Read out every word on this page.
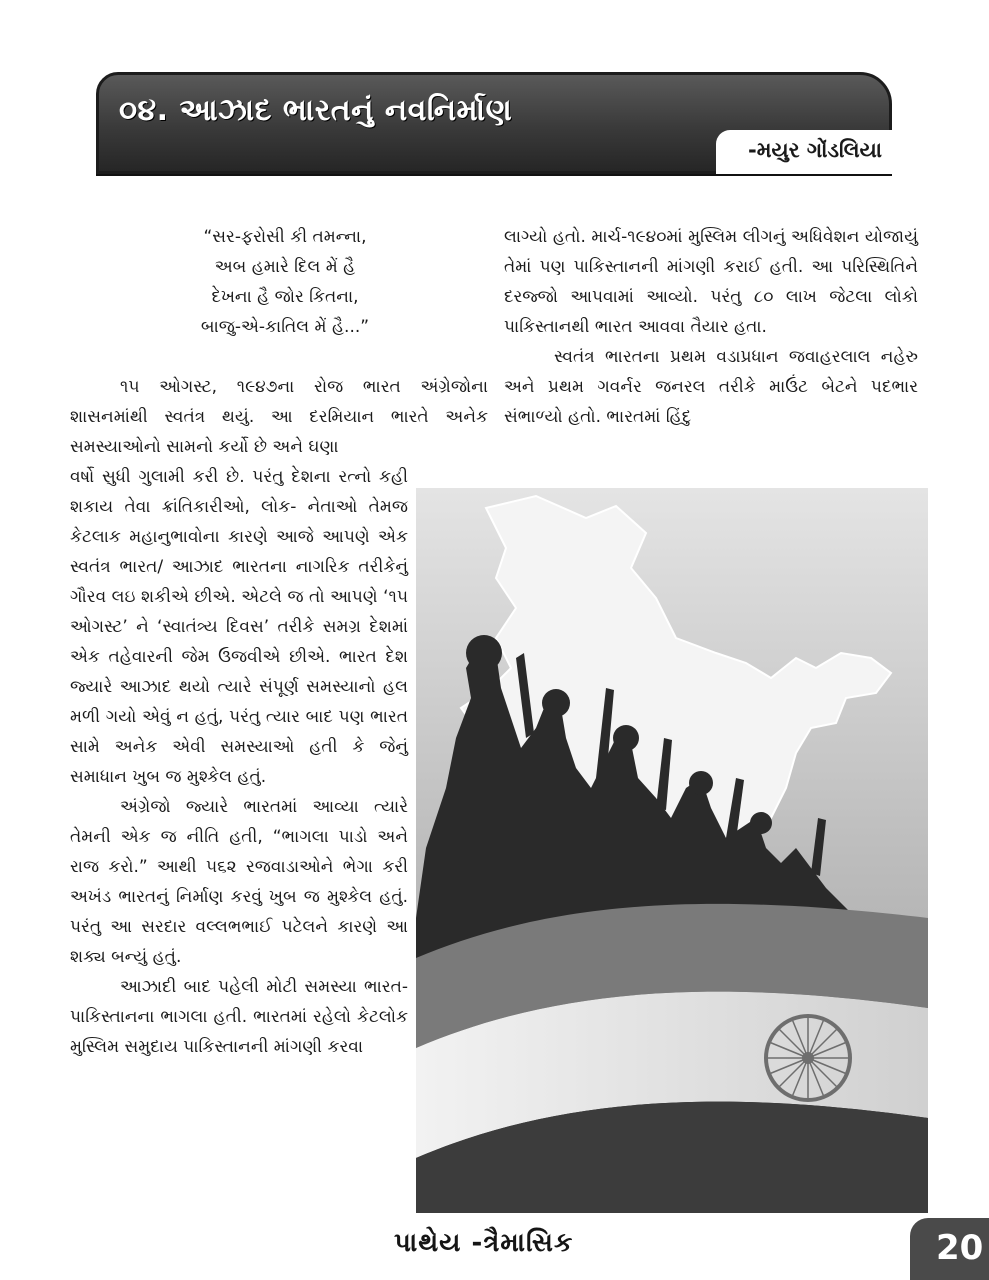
૦૪. આઝાદ ભારતનું નવનિર્માણ
-મયુર ગોંડલિયા
“સર-ફરોસી કી તમન્ના,
અબ હમારે દિલ મેં હૈ
દેખના હૈ જોર કિતના,
બાજુ-એ-કાતિલ મેં હૈ...”

૧૫ ઓગસ્ટ, ૧૯૪૭ના રોજ ભારત અંગ્રેજોના શાસનમાંથી સ્વતંત્ર થયું. આ દરમિયાન ભારતે અનેક સમસ્યાઓનો સામનો કર્યો છે અને ઘણા

વર્ષો સુધી ગુલામી કરી છે. પરંતુ દેશના રત્નો કહી શકાય તેવા ક્રાંતિકારીઓ, લોક- નેતાઓ તેમજ કેટલાક મહાનુભાવોના કારણે આજે આપણે એક સ્વતંત્ર ભારત/ આઝાદ ભારતના નાગરિક તરીકેનું ગૌરવ લઇ શકીએ છીએ. એટલે જ તો આપણે ‘૧૫ ઓગસ્ટ’ ને ‘સ્વાતંત્ર્ય દિવસ’ તરીકે સમગ્ર દેશમાં એક તહેવારની જેમ ઉજવીએ છીએ. ભારત દેશ જ્યારે આઝાદ થયો ત્યારે સંપૂર્ણ સમસ્યાનો હલ મળી ગયો એવું ન હતું, પરંતુ ત્યાર બાદ પણ ભારત સામે અનેક એવી સમસ્યાઓ હતી કે જેનું સમાધાન ખુબ જ મુશ્કેલ હતું.

અંગ્રેજો જ્યારે ભારતમાં આવ્યા ત્યારે તેમની એક જ નીતિ હતી, “ભાગલા પાડો અને રાજ કરો.” આથી ૫૬૨ રજવાડાઓને ભેગા કરી અખંડ ભારતનું નિર્માણ કરવું ખુબ જ મુશ્કેલ હતું. પરંતુ આ સરદાર વલ્લભભાઈ પટેલને કારણે આ શક્ય બન્યું હતું.

આઝાદી બાદ પહેલી મોટી સમસ્યા ભારત-પાકિસ્તાનના ભાગલા હતી. ભારતમાં રહેલો કેટલોક મુસ્લિમ સમુદાય પાકિસ્તાનની માંગણી કરવા

લાગ્યો હતો. માર્ચ-૧૯૪૦માં મુસ્લિમ લીગનું અધિવેશન યોજાયું તેમાં પણ પાકિસ્તાનની માંગણી કરાઈ હતી. આ પરિસ્થિતિને દરજ્જો આપવામાં આવ્યો. પરંતુ ૮૦ લાખ જેટલા લોકો પાકિસ્તાનથી ભારત આવવા તૈયાર હતા.

સ્વતંત્ર ભારતના પ્રથમ વડાપ્રધાન જવાહરલાલ નહેરુ અને પ્રથમ ગવર્નર જનરલ તરીકે માઉંટ બેટને પદભાર સંભાળ્યો હતો. ભારતમાં હિંદુ

પાથેય -ત્રૈમાસિક	20
